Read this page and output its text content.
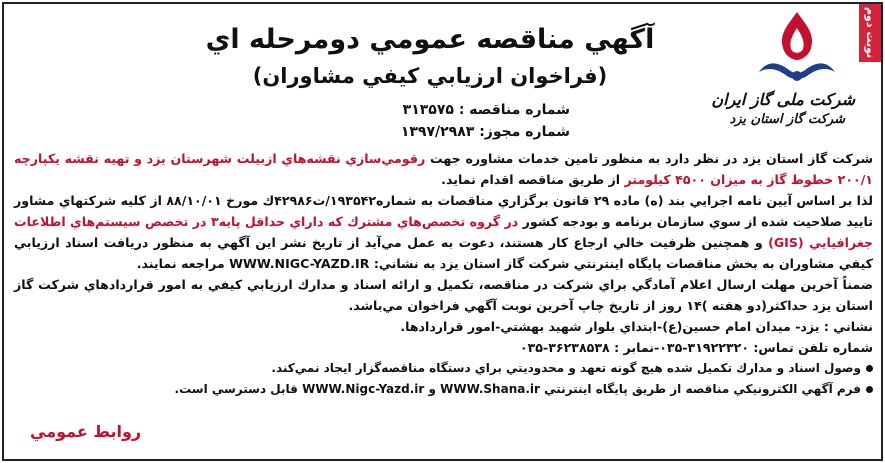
نوبت دوم
شرکت ملی گاز ایران
شرکت گاز استان یزد
آگهي مناقصه عمومي دومرحله اي
(فراخوان ارزيابي كيفي مشاوران)
شماره مناقصه : ۳۱۳۵۷۵
شماره مجوز: ۱۳۹۷/۲۹۸۳

شركت گاز استان يزد در نظر دارد به منظور تامين خدمات مشاوره جهت رقومي‌سازي نقشه‌هاي ازبيلت شهرستان يزد و تهيه نقشه يكپارچه ۲۰۰/۱ خطوط گاز به ميزان ۴۵۰۰ كيلومتر از طريق مناقصه اقدام نمايد.

لذا بر اساس آيين نامه اجرايي بند (ه) ماده ۲۹ قانون برگزاري مناقصات به شماره۱۹۳۵۴۲/ت۴۲۹۸۶ك مورخ ۸۸/۱۰/۰۱ از كليه شركتهاي مشاور تاييد صلاحيت شده از سوي سازمان برنامه و بودجه كشور در گروه تخصص‌هاي مشترك كه داراي حداقل پايه۳ در تخصص سيستم‌هاي اطلاعات جغرافيايي (GIS) و همچنين ظرفيت خالي ارجاع كار هستند، دعوت به عمل مي‌آيد از تاريخ نشر اين آگهي به منظور دريافت اسناد ارزيابي كيفي مشاوران به بخش مناقصات پايگاه اينترنتي شركت گاز استان يزد به نشاني: WWW.NIGC-YAZD.IR مراجعه نمايند.

ضمناً آخرين مهلت ارسال اعلام آمادگي براي شركت در مناقصه، تكميل و ارائه اسناد و مدارك ارزيابي كيفي به امور قراردادهاي شركت گاز استان يزد حداكثر(دو هفته )۱۴ روز از تاريخ چاپ آخرين نوبت آگهي فراخوان مي‌باشد.

نشاني : يزد- ميدان امام حسين(ع)-ابتداي بلوار شهيد بهشتي-امور قراردادها.

شماره تلفن تماس: ۳۱۹۲۲۳۲۰-۰۳۵-نمابر : ۳۶۲۳۸۵۳۸-۰۳۵

وصول اسناد و مدارك تكميل شده هيچ گونه تعهد و محدوديتي براي دستگاه مناقصه‌گزار ايجاد نمي‌كند.

فرم آگهي الكترونيكي مناقصه از طريق پايگاه اينترنتي WWW.Shana.ir و WWW.Nigc-Yazd.ir قابل دسترسي است.

روابط عمومي
